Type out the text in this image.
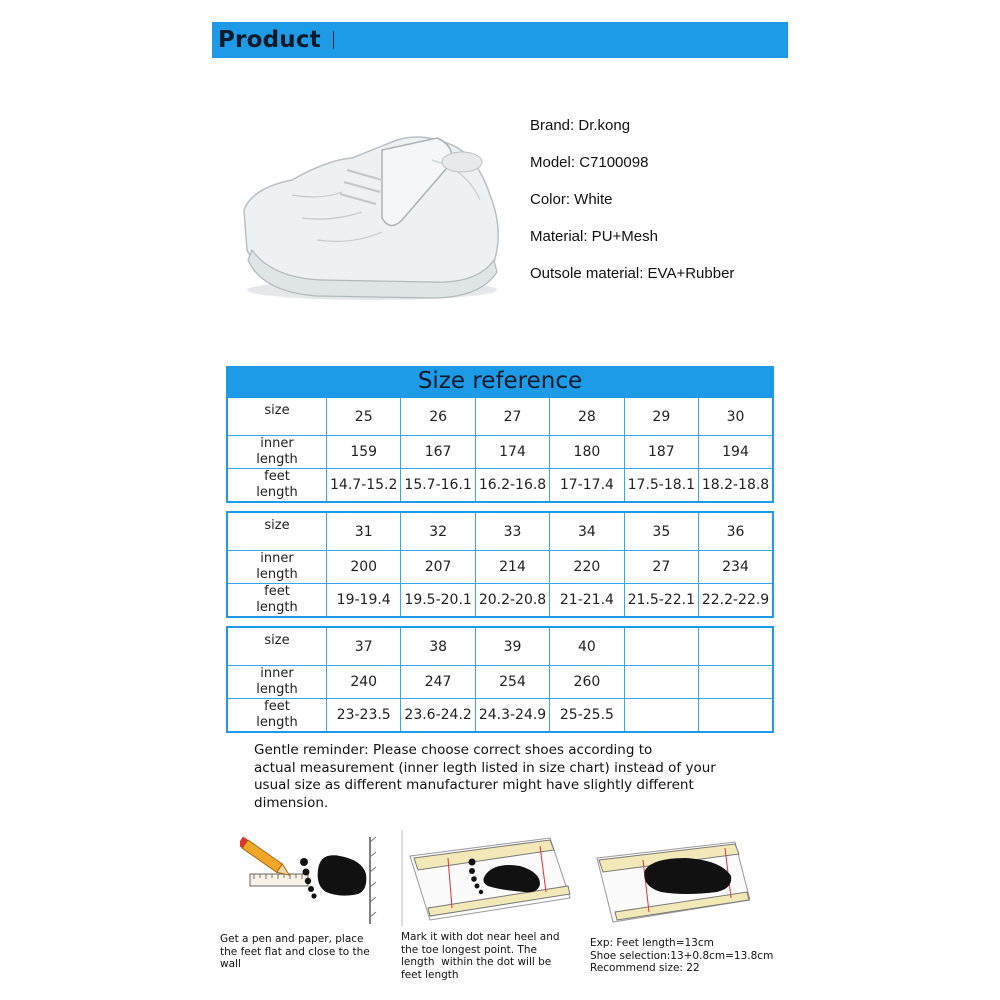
Product
Brand: Dr.kong
Model: C7100098
Color: White
Material: PU+Mesh
Outsole material: EVA+Rubber
Size reference
size	25	26	27	28	29	30
inner
length	159	167	174	180	187	194
feet
length	14.7-15.2	15.7-16.1	16.2-16.8	17-17.4	17.5-18.1	18.2-18.8
size	31	32	33	34	35	36
inner
length	200	207	214	220	27	234
feet
length	19-19.4	19.5-20.1	20.2-20.8	21-21.4	21.5-22.1	22.2-22.9
size	37	38	39	40		
inner
length	240	247	254	260		
feet
length	23-23.5	23.6-24.2	24.3-24.9	25-25.5		
Gentle reminder: Please choose correct shoes according to
actual measurement (inner legth listed in size chart) instead of your
usual size as different manufacturer might have slightly different
dimension.
Get a pen and paper, place
the feet flat and close to the
wall
Mark it with dot near heel and
the toe longest point. The
length  within the dot will be
feet length
Exp: Feet length=13cm
Shoe selection:13+0.8cm=13.8cm
Recommend size: 22
